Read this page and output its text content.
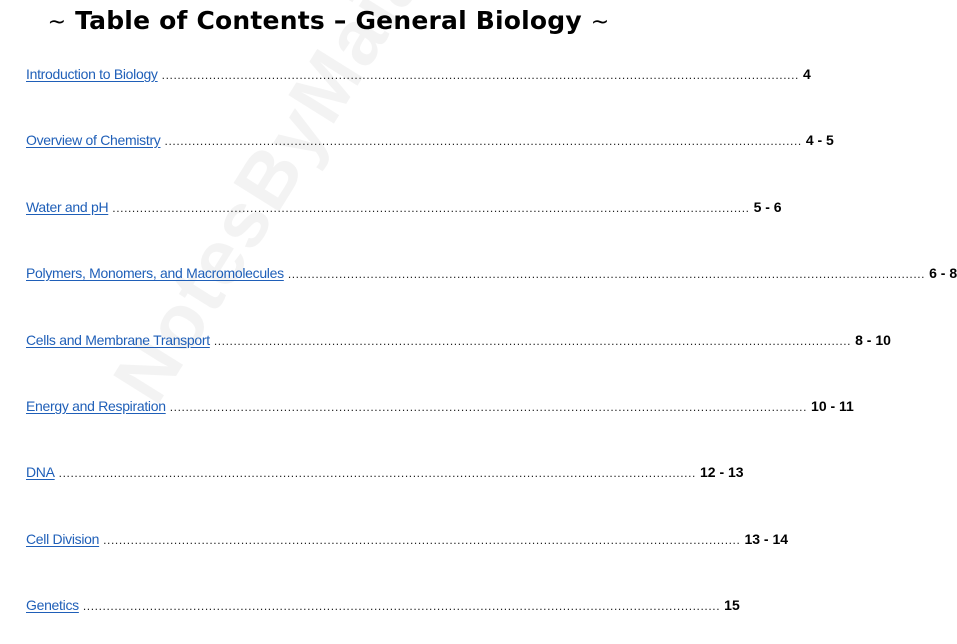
~ Table of Contents – General Biology ~
Introduction to Biology .................................................................................................................................................................. 4
Overview of Chemistry .................................................................................................................................................................. 4 - 5
Water and pH .................................................................................................................................................................. 5 - 6
Polymers, Monomers, and Macromolecules .................................................................................................................................................................. 6 - 8
Cells and Membrane Transport .................................................................................................................................................................. 8 - 10
Energy and Respiration .................................................................................................................................................................. 10 - 11
DNA .................................................................................................................................................................. 12 - 13
Cell Division .................................................................................................................................................................. 13 - 14
Genetics .................................................................................................................................................................. 15
